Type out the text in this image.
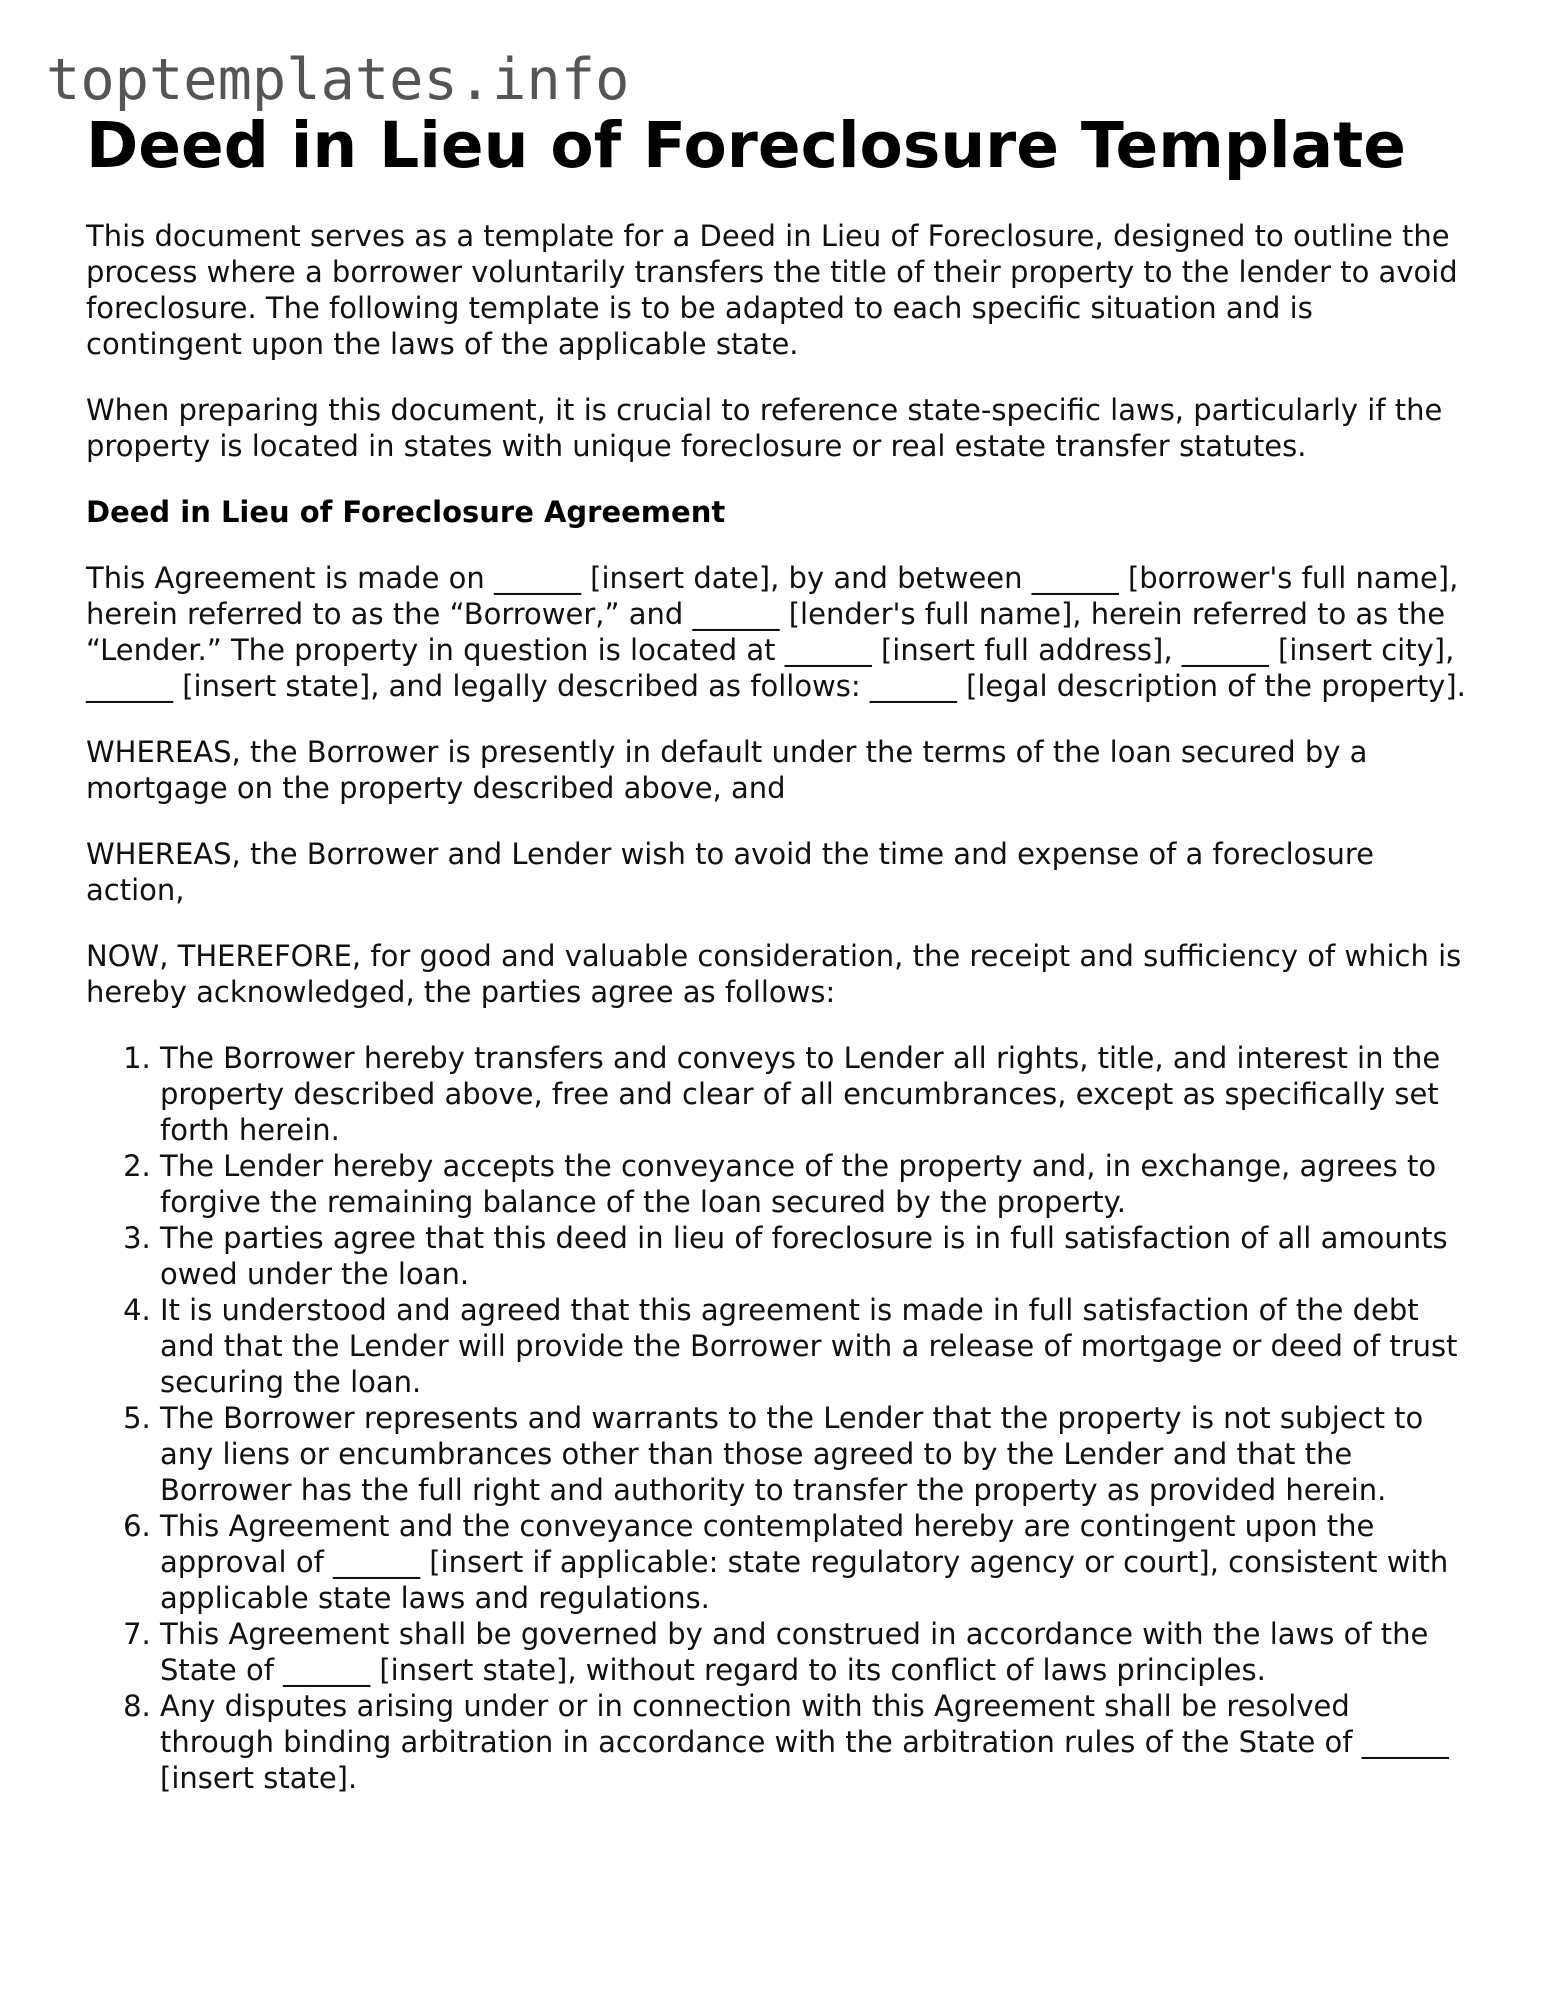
toptemplates.info
Deed in Lieu of Foreclosure Template

This document serves as a template for a Deed in Lieu of Foreclosure, designed to outline the process where a borrower voluntarily transfers the title of their property to the lender to avoid foreclosure. The following template is to be adapted to each specific situation and is contingent upon the laws of the applicable state.

When preparing this document, it is crucial to reference state-specific laws, particularly if the property is located in states with unique foreclosure or real estate transfer statutes.

Deed in Lieu of Foreclosure Agreement

This Agreement is made on ______ [insert date], by and between ______ [borrower's full name], herein referred to as the “Borrower,” and ______ [lender's full name], herein referred to as the “Lender.” The property in question is located at ______ [insert full address], ______ [insert city], ______ [insert state], and legally described as follows: ______ [legal description of the property].

WHEREAS, the Borrower is presently in default under the terms of the loan secured by a mortgage on the property described above, and

WHEREAS, the Borrower and Lender wish to avoid the time and expense of a foreclosure action,

NOW, THEREFORE, for good and valuable consideration, the receipt and sufficiency of which is hereby acknowledged, the parties agree as follows:

1. The Borrower hereby transfers and conveys to Lender all rights, title, and interest in the property described above, free and clear of all encumbrances, except as specifically set forth herein.
2. The Lender hereby accepts the conveyance of the property and, in exchange, agrees to forgive the remaining balance of the loan secured by the property.
3. The parties agree that this deed in lieu of foreclosure is in full satisfaction of all amounts owed under the loan.
4. It is understood and agreed that this agreement is made in full satisfaction of the debt and that the Lender will provide the Borrower with a release of mortgage or deed of trust securing the loan.
5. The Borrower represents and warrants to the Lender that the property is not subject to any liens or encumbrances other than those agreed to by the Lender and that the Borrower has the full right and authority to transfer the property as provided herein.
6. This Agreement and the conveyance contemplated hereby are contingent upon the approval of ______ [insert if applicable: state regulatory agency or court], consistent with applicable state laws and regulations.
7. This Agreement shall be governed by and construed in accordance with the laws of the State of ______ [insert state], without regard to its conflict of laws principles.
8. Any disputes arising under or in connection with this Agreement shall be resolved through binding arbitration in accordance with the arbitration rules of the State of ______ [insert state].
